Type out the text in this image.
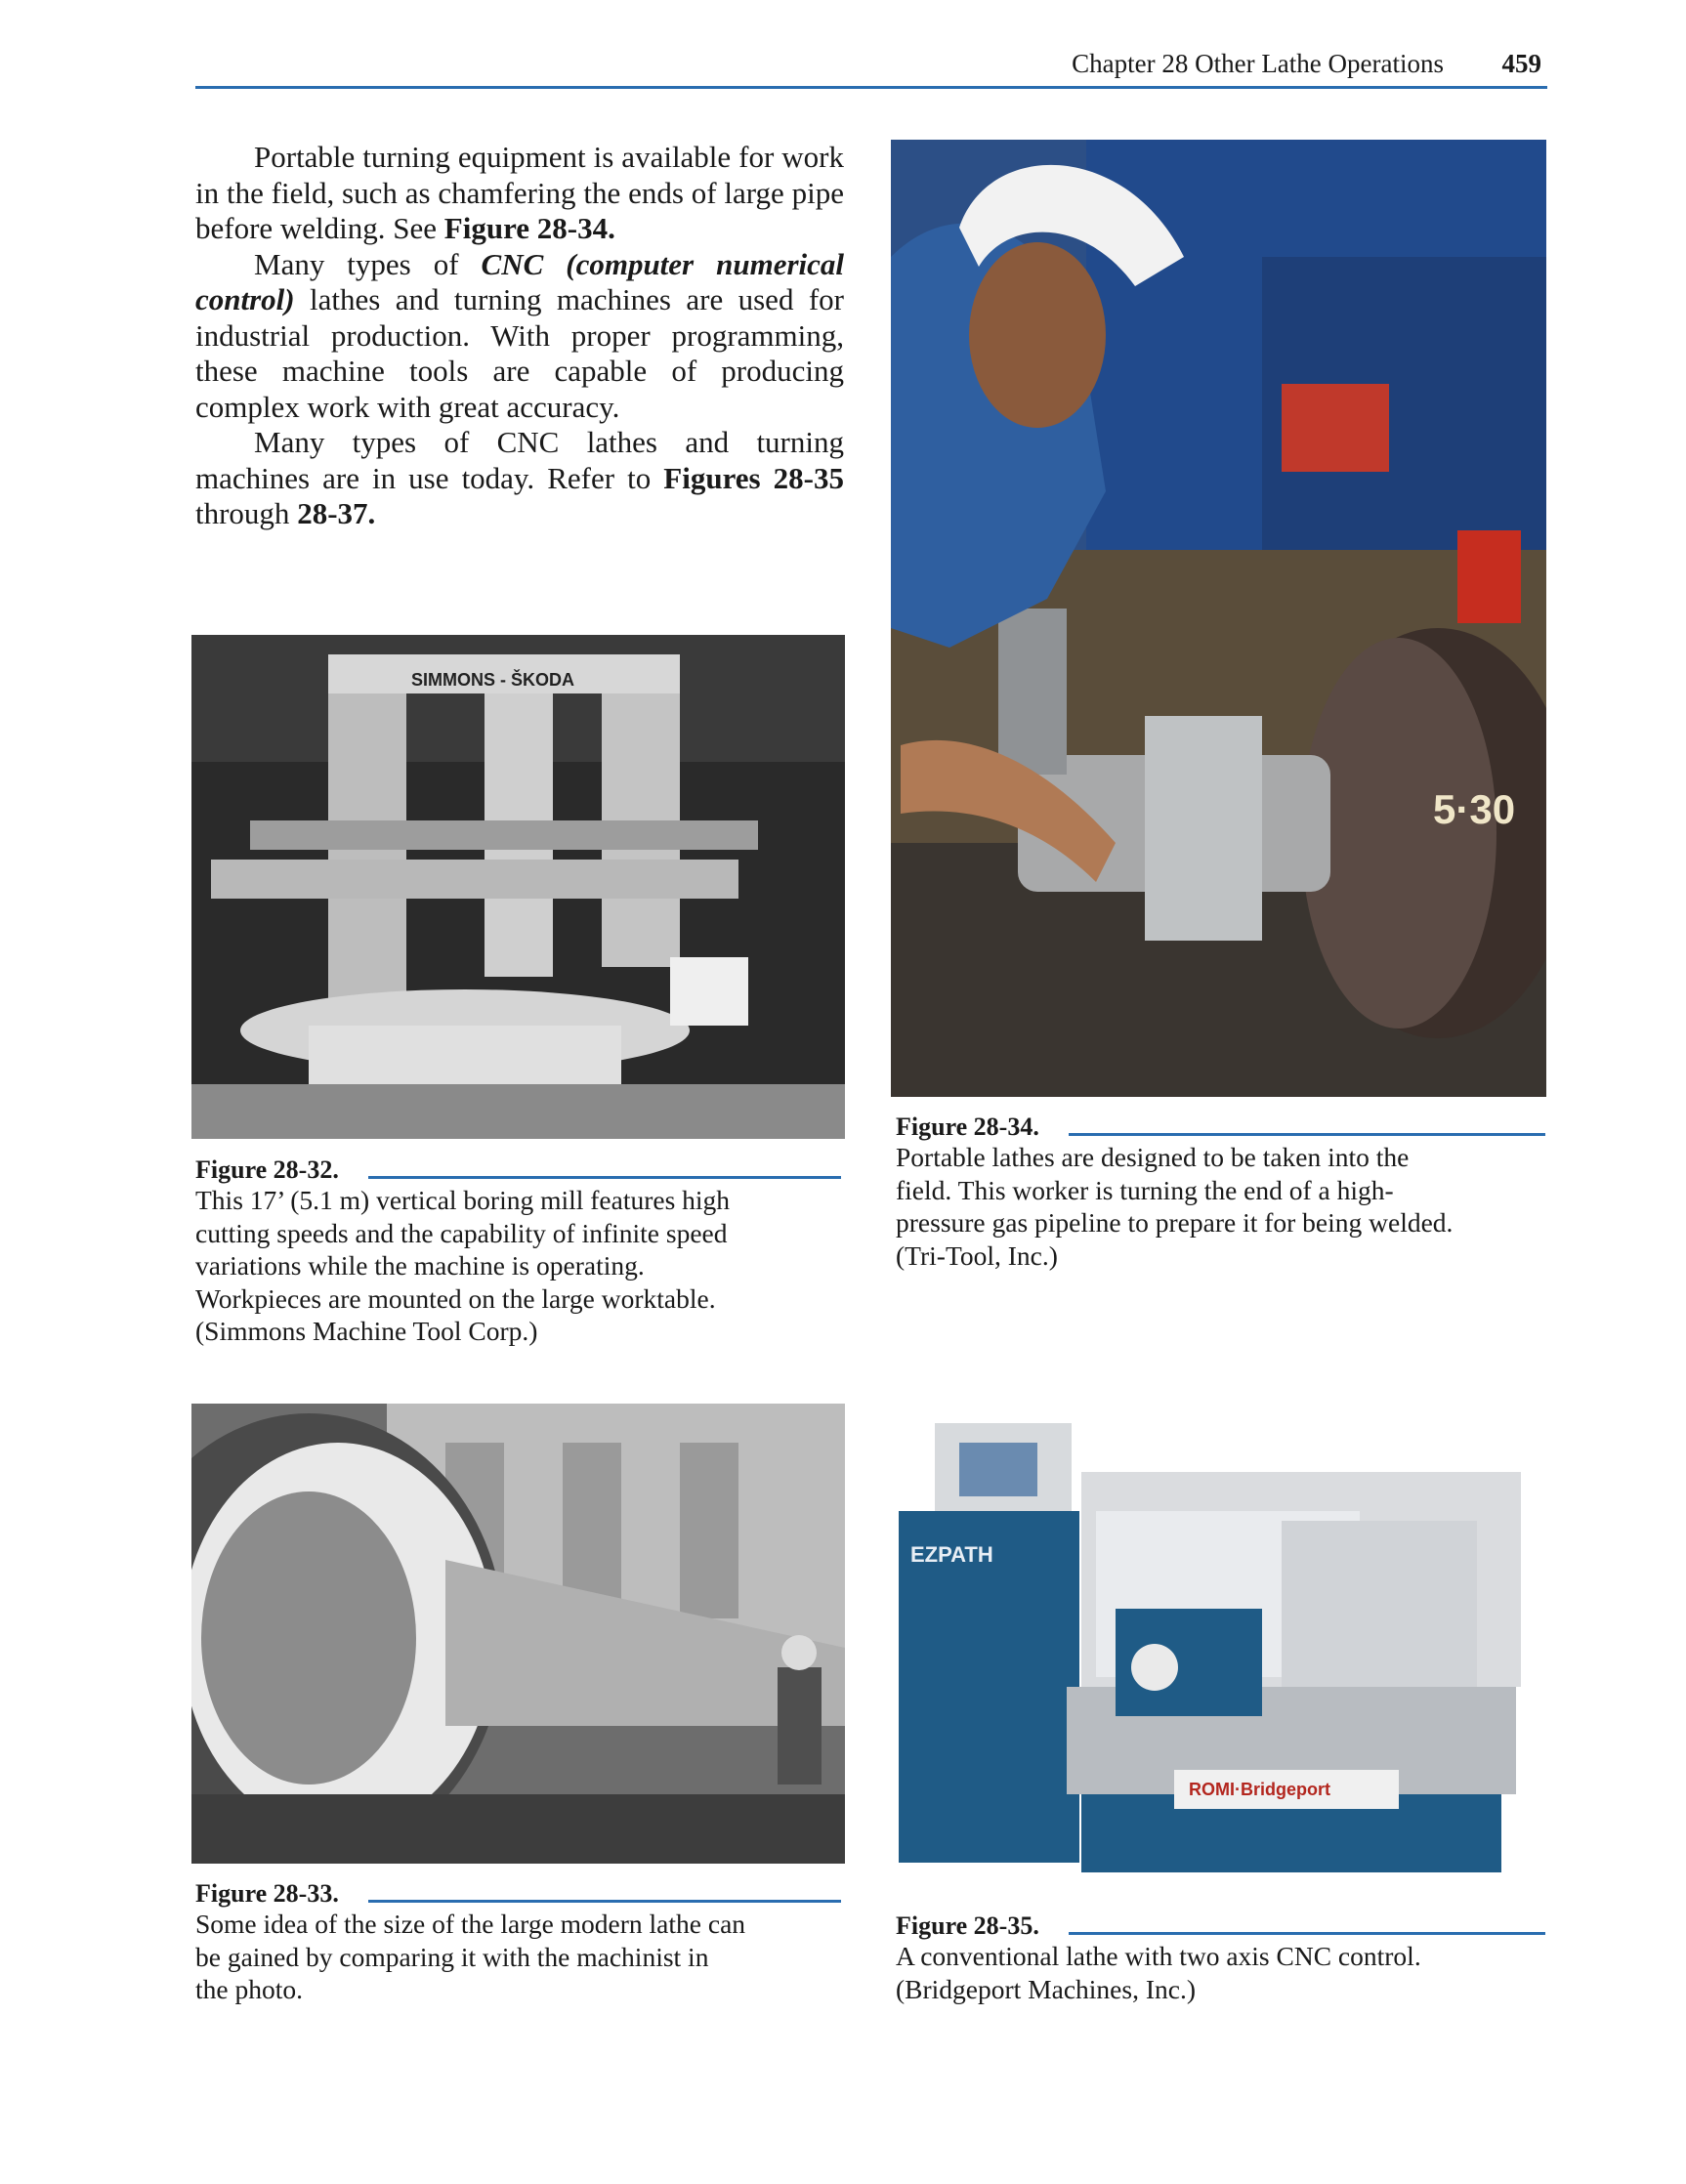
Chapter 28 Other Lathe Operations 459

Portable turning equipment is available for work in the field, such as chamfering the ends of large pipe before welding. See Figure 28-34.

Many types of CNC (computer numerical control) lathes and turning machines are used for industrial production. With proper programming, these machine tools are capable of producing complex work with great accuracy.

Many types of CNC lathes and turning machines are in use today. Refer to Figures 28-35 through 28-37.

5·30
Figure 28-34.
Portable lathes are designed to be taken into the
field. This worker is turning the end of a high-
pressure gas pipeline to prepare it for being welded.
(Tri-Tool, Inc.)
SIMMONS - ŠKODA
Figure 28-32.
This 17’ (5.1 m) vertical boring mill features high
cutting speeds and the capability of infinite speed
variations while the machine is operating.
Workpieces are mounted on the large worktable.
(Simmons Machine Tool Corp.)
Figure 28-33.
Some idea of the size of the large modern lathe can
be gained by comparing it with the machinist in
the photo.
EZPATH
ROMI·Bridgeport
Figure 28-35.
A conventional lathe with two axis CNC control.
(Bridgeport Machines, Inc.)
